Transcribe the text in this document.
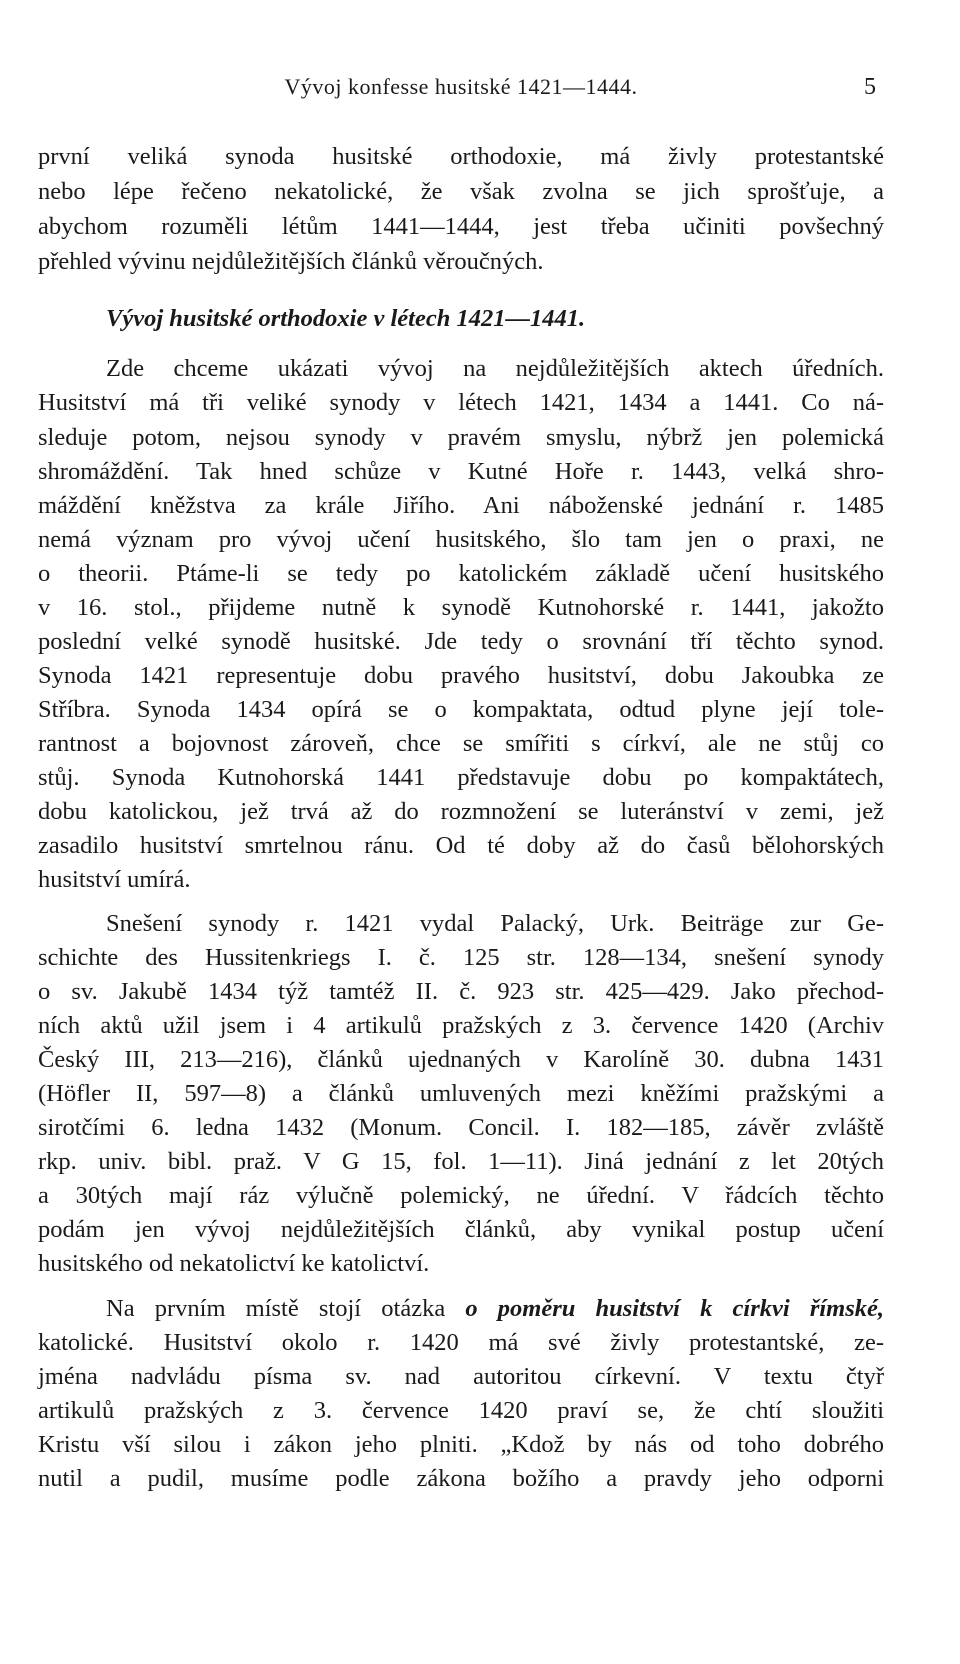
Vývoj konfesse husitské 1421—1444.	5
první veliká synoda husitské orthodoxie, má živly protestantské
nebo lépe řečeno nekatolické, že však zvolna se jich sprošťuje, a
abychom rozuměli létům 1441—1444, jest třeba učiniti povšechný
přehled vývinu nejdůležitějších článků věroučných.
Vývoj husitské orthodoxie v létech 1421—1441.
Zde chceme ukázati vývoj na nejdůležitějších aktech úředních.
Husitství má tři veliké synody v létech 1421, 1434 a 1441. Co ná-
sleduje potom, nejsou synody v pravém smyslu, nýbrž jen polemická
shromáždění. Tak hned schůze v Kutné Hoře r. 1443, velká shro-
máždění kněžstva za krále Jiřího. Ani náboženské jednání r. 1485
nemá význam pro vývoj učení husitského, šlo tam jen o praxi, ne
o theorii. Ptáme-li se tedy po katolickém základě učení husitského
v 16. stol., přijdeme nutně k synodě Kutnohorské r. 1441, jakožto
poslední velké synodě husitské. Jde tedy o srovnání tří těchto synod.
Synoda 1421 representuje dobu pravého husitství, dobu Jakoubka ze
Stříbra. Synoda 1434 opírá se o kompaktata, odtud plyne její tole-
rantnost a bojovnost zároveň, chce se smířiti s církví, ale ne stůj co
stůj. Synoda Kutnohorská 1441 představuje dobu po kompaktátech,
dobu katolickou, jež trvá až do rozmnožení se luteránství v zemi, jež
zasadilo husitství smrtelnou ránu. Od té doby až do časů bělohorských
husitství umírá.
Snešení synody r. 1421 vydal Palacký, Urk. Beiträge zur Ge-
schichte des Hussitenkriegs I. č. 125 str. 128—134, snešení synody
o sv. Jakubě 1434 týž tamtéž II. č. 923 str. 425—429. Jako přechod-
ních aktů užil jsem i 4 artikulů pražských z 3. července 1420 (Archiv
Český III, 213—216), článků ujednaných v Karolíně 30. dubna 1431
(Höfler II, 597—8) a článků umluvených mezi kněžími pražskými a
sirotčími 6. ledna 1432 (Monum. Concil. I. 182—185, závěr zvláště
rkp. univ. bibl. praž. V G 15, fol. 1—11). Jiná jednání z let 20tých
a 30tých mají ráz výlučně polemický, ne úřední. V řádcích těchto
podám jen vývoj nejdůležitějších článků, aby vynikal postup učení
husitského od nekatolictví ke katolictví.
Na prvním místě stojí otázka o poměru husitství k církvi římské,
katolické. Husitství okolo r. 1420 má své živly protestantské, ze-
jména nadvládu písma sv. nad autoritou církevní. V textu čtyř
artikulů pražských z 3. července 1420 praví se, že chtí sloužiti
Kristu vší silou i zákon jeho plniti. „Kdož by nás od toho dobrého
nutil a pudil, musíme podle zákona božího a pravdy jeho odporni
